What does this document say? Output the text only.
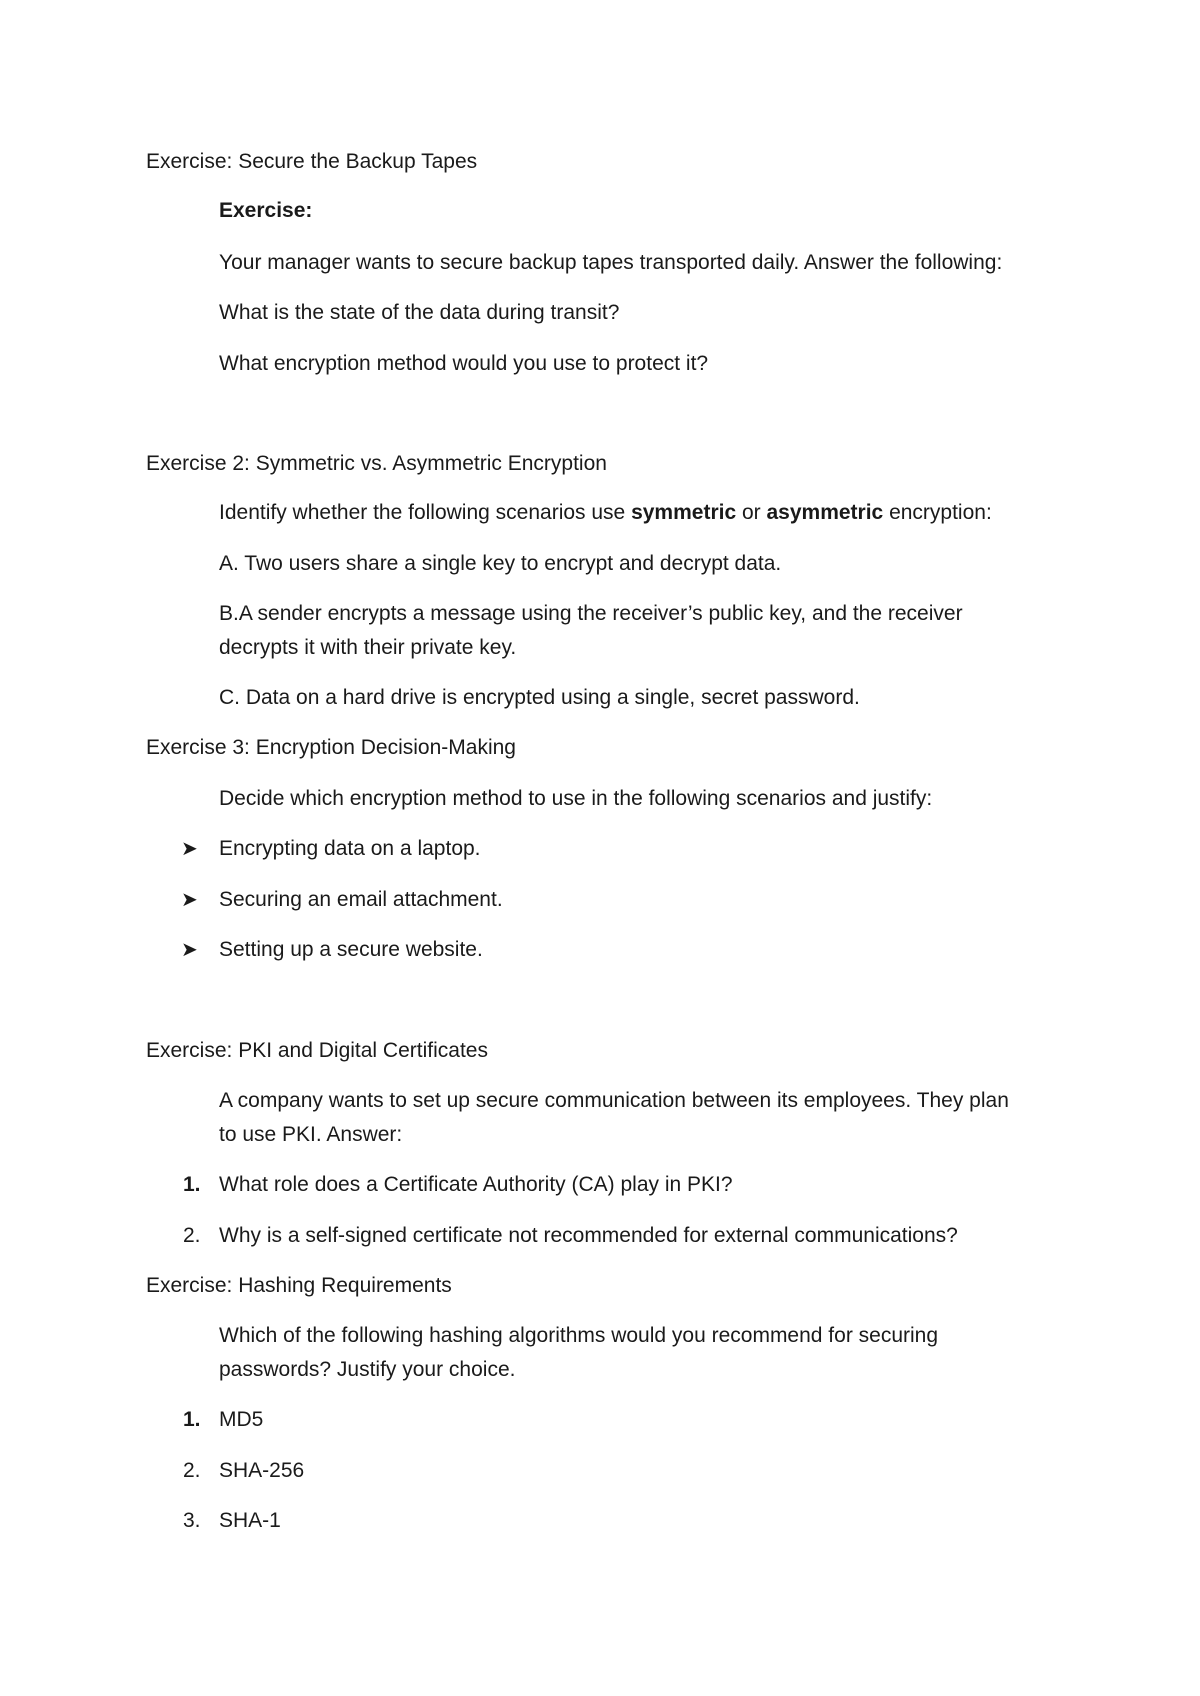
Exercise: Secure the Backup Tapes
Exercise:
Your manager wants to secure backup tapes transported daily. Answer the following:
What is the state of the data during transit?
What encryption method would you use to protect it?
Exercise 2: Symmetric vs. Asymmetric Encryption
Identify whether the following scenarios use symmetric or asymmetric encryption:
A. Two users share a single key to encrypt and decrypt data.
B.A sender encrypts a message using the receiver’s public key, and the receiver
decrypts it with their private key.
C. Data on a hard drive is encrypted using a single, secret password.
Exercise 3: Encryption Decision-Making
Decide which encryption method to use in the following scenarios and justify:
➤ Encrypting data on a laptop.
➤ Securing an email attachment.
➤ Setting up a secure website.
Exercise: PKI and Digital Certificates
A company wants to set up secure communication between its employees. They plan
to use PKI. Answer:
1. What role does a Certificate Authority (CA) play in PKI?
2. Why is a self-signed certificate not recommended for external communications?
Exercise: Hashing Requirements
Which of the following hashing algorithms would you recommend for securing
passwords? Justify your choice.
1. MD5
2. SHA-256
3. SHA-1
